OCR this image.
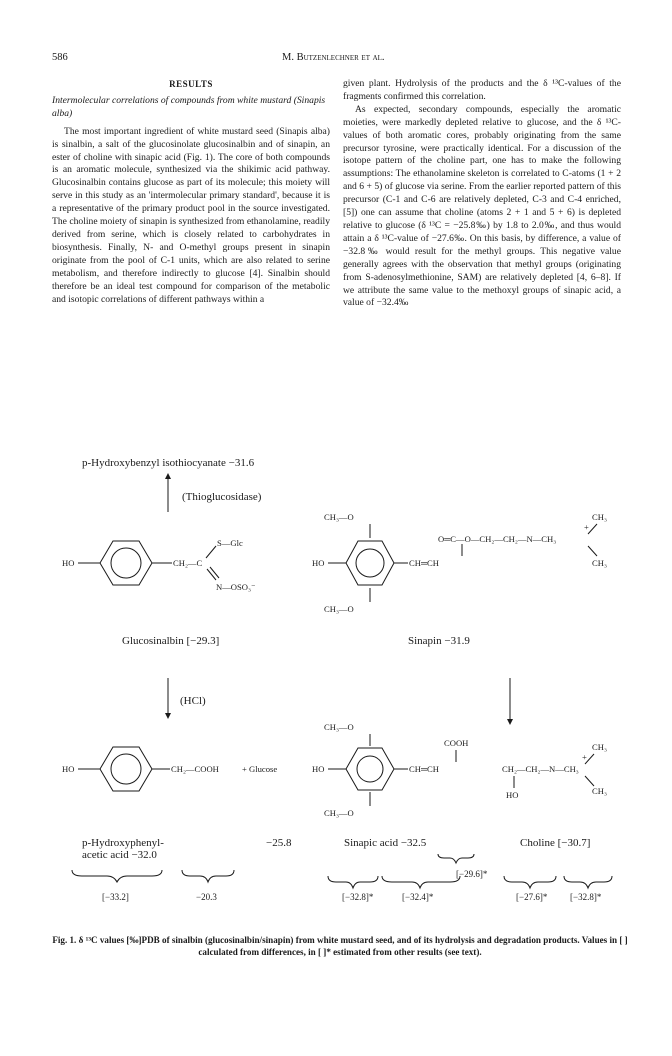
586	M. Butzenlechner et al.

RESULTS

Intermolecular correlations of compounds from white mustard (Sinapis alba)

The most important ingredient of white mustard seed (Sinapis alba) is sinalbin, a salt of the glucosinolate glucosinalbin and of sinapin, an ester of choline with sinapic acid (Fig. 1). The core of both compounds is an aromatic molecule, synthesized via the shikimic acid pathway. Glucosinalbin contains glucose as part of its molecule; this moiety will serve in this study as an 'intermolecular primary standard', because it is a representative of the primary product pool in the source investigated. The choline moiety of sinapin is synthesized from ethanolamine, readily derived from serine, which is closely related to carbohydrates in biosynthesis. Finally, N- and O-methyl groups present in sinapin originate from the pool of C-1 units, which are also related to serine metabolism, and therefore indirectly to glucose [4]. Sinalbin should therefore be an ideal test compound for comparison of the metabolic and isotopic correlations of different pathways within a

given plant. Hydrolysis of the products and the δ ¹³C-values of the fragments confirmed this correlation.

As expected, secondary compounds, especially the aromatic moieties, were markedly depleted relative to glucose, and the δ ¹³C-values of both aromatic cores, probably originating from the same precursor tyrosine, were practically identical. For a discussion of the isotope pattern of the choline part, one has to make the following assumptions: The ethanolamine skeleton is correlated to C-atoms (1 + 2 and 6 + 5) of glucose via serine. From the earlier reported pattern of this precursor (C-1 and C-6 are relatively depleted, C-3 and C-4 enriched, [5]) one can assume that choline (atoms 2 + 1 and 5 + 6) is depleted relative to glucose (δ ¹³C = −25.8‰) by 1.8 to 2.0‰, and thus would attain a δ ¹³C-value of −27.6‰. On this basis, by difference, a value of −32.8‰ would result for the methyl groups. This negative value generally agrees with the observation that methyl groups (originating from S-adenosylmethionine, SAM) are relatively depleted [4, 6–8]. If we attribute the same value to the methoxyl groups of sinapic acid, a value of −32.4‰

p-Hydroxybenzyl isothiocyanate −31.6
(Thioglucosidase)
HO	CH₂—C
S—Glc
N—OSO₃⁻
Glucosinalbin [−29.3]
CH₃—O
HO
CH₃—O
CH═CH
O═C—O—CH₂—CH₂—N—CH₃
CH₃
+
CH₃
Sinapin −31.9
(HCl)
HO	CH₂—COOH	+ Glucose
p-Hydroxyphenyl-
acetic acid −32.0
−25.8
CH₃—O
HO
CH₃—O
CH═CH
COOH
Sinapic acid −32.5
CH₂—CH₂—N—CH₃
HO
CH₃
+
CH₃
Choline [−30.7]
[−33.2]	−20.3
[−29.6]*
[−32.8]*	[−32.4]*	[−27.6]*	[−32.8]*
Fig. 1. δ ¹³C values [‰]PDB of sinalbin (glucosinalbin/sinapin) from white mustard seed, and of its hydrolysis and degradation products. Values in [ ] calculated from differences, in [ ]* estimated from other results (see text).
